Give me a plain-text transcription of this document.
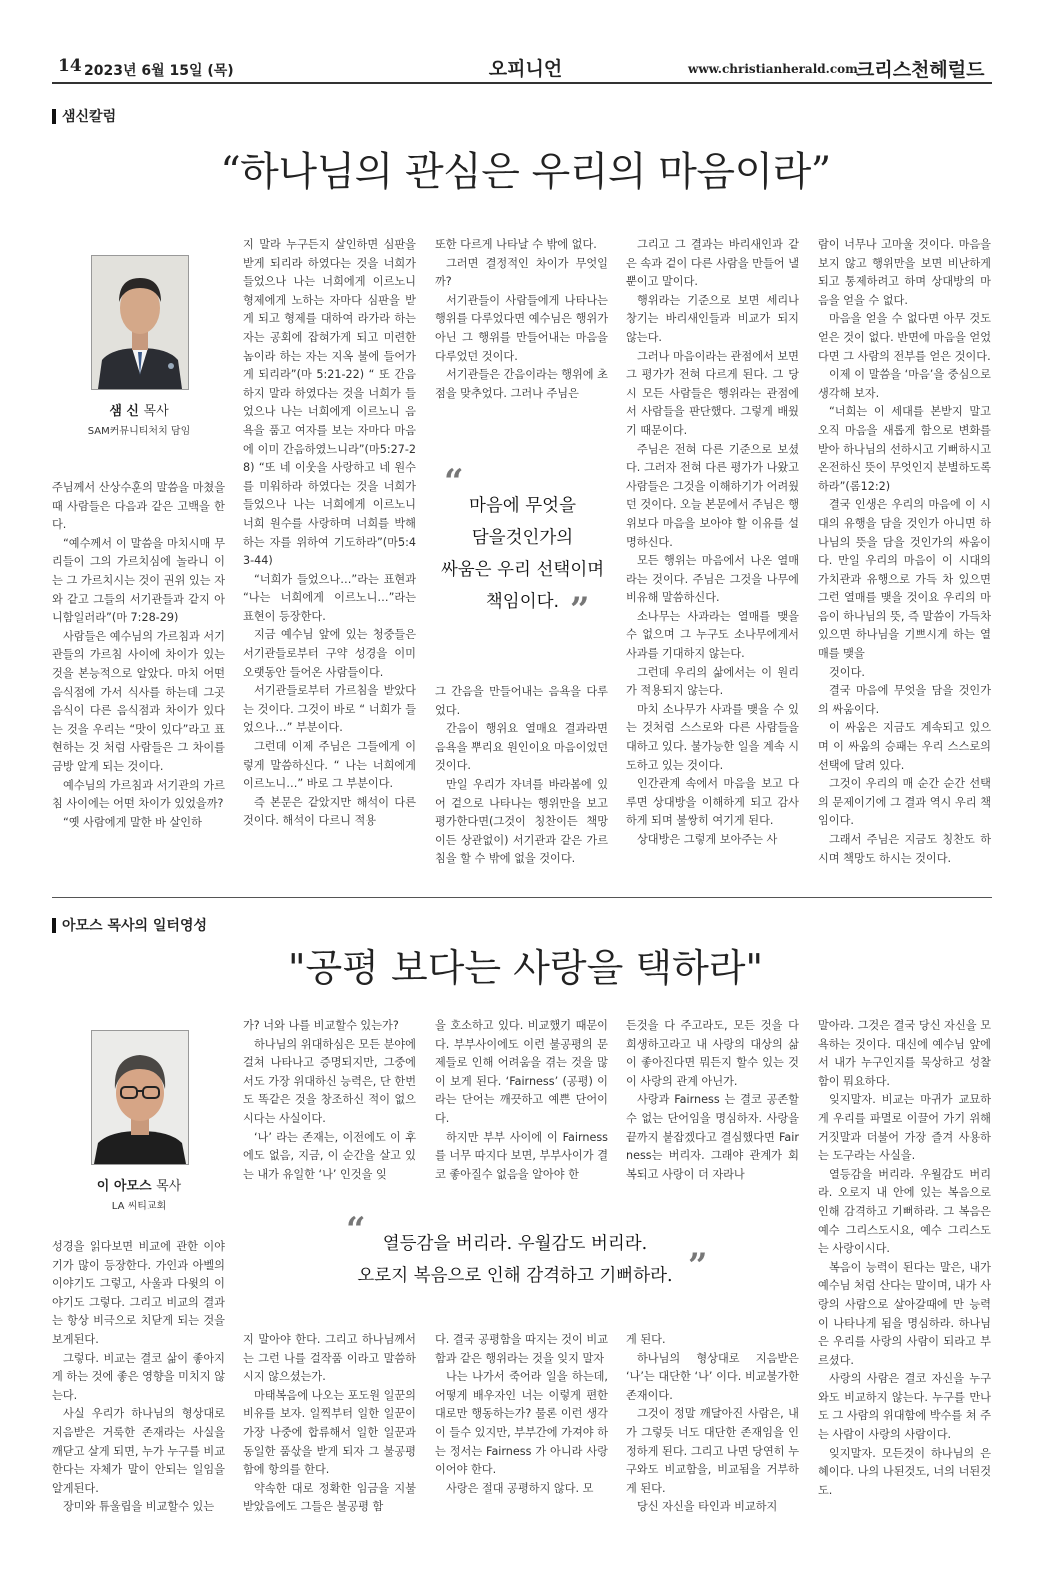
14 2023년 6월 15일 (목)	오피니언	www.christianherald.com
크리스천헤럴드
샘신칼럼
“하나님의 관심은 우리의 마음이라”
샘 신 목사
SAM커뮤니티처치 담임

주님께서 산상수훈의 말씀을 마쳤을 때 사람들은 다음과 같은 고백을 한다.

“예수께서 이 말씀을 마치시매 무리들이 그의 가르치심에 놀라니 이는 그 가르치시는 것이 권위 있는 자와 같고 그들의 서기관들과 같지 아니함일러라”(마 7:28-29)

사람들은 예수님의 가르침과 서기관들의 가르침 사이에 차이가 있는 것을 본능적으로 알았다. 마치 어떤 음식점에 가서 식사를 하는데 그곳 음식이 다른 음식점과 차이가 있다는 것을 우리는 “맛이 있다”라고 표현하는 것 처럼 사람들은 그 차이를 금방 알게 되는 것이다.

예수님의 가르침과 서기관의 가르침 사이에는 어떤 차이가 있었을까?

“옛 사람에게 말한 바 살인하

지 말라 누구든지 살인하면 심판을 받게 되리라 하였다는 것을 너희가 들었으나 나는 너희에게 이르노니 형제에게 노하는 자마다 심판을 받게 되고 형제를 대하여 라가라 하는 자는 공회에 잡혀가게 되고 미련한 놈이라 하는 자는 지옥 불에 들어가게 되리라”(마 5:21-22) “ 또 간음하지 말라 하였다는 것을 너희가 들었으나 나는 너희에게 이르노니 음욕을 품고 여자를 보는 자마다 마음에 이미 간음하였느니라”(마5:27-28) “또 네 이웃을 사랑하고 네 원수를 미워하라 하였다는 것을 너희가 들었으나 나는 너희에게 이르노니 너희 원수를 사랑하며 너희를 박해하는 자를 위하여 기도하라”(마5:43-44)

“너희가 들었으나…”라는 표현과 “나는 너희에게 이르노니…”라는 표현이 등장한다.

지금 예수님 앞에 있는 청중들은 서기관들로부터 구약 성경을 이미 오랫동안 들어온 사람들이다.

서기관들로부터 가르침을 받았다는 것이다. 그것이 바로 “ 너희가 들었으나…” 부분이다.

그런데 이제 주님은 그들에게 이렇게 말씀하신다. “ 나는 너희에게 이르노니…” 바로 그 부분이다.

즉 본문은 같았지만 해석이 다른 것이다. 해석이 다르니 적용

또한 다르게 나타날 수 밖에 없다.

그러면 결정적인 차이가 무엇일까?

서기관들이 사람들에게 나타나는 행위를 다루었다면 예수님은 행위가 아닌 그 행위를 만들어내는 마음을 다루었던 것이다.

서기관들은 간음이라는 행위에 초점을 맞추었다. 그러나 주님은

“
마음에 무엇을
담을것인가의
싸움은 우리 선택이며
책임이다. ”

그 간음을 만들어내는 음욕을 다루었다.

간음이 행위요 열매요 결과라면 음욕을 뿌리요 원인이요 마음이었던 것이다.

만일 우리가 자녀를 바라봄에 있어 겉으로 나타나는 행위만을 보고 평가한다면(그것이 칭찬이든 책망이든 상관없이) 서기관과 같은 가르침을 할 수 밖에 없을 것이다.

그리고 그 결과는 바리새인과 같은 속과 겉이 다른 사람을 만들어 낼 뿐이고 말이다.

행위라는 기준으로 보면 세리나 창기는 바리새인들과 비교가 되지 않는다.

그러나 마음이라는 관점에서 보면 그 평가가 전혀 다르게 된다. 그 당시 모든 사람들은 행위라는 관점에서 사람들을 판단했다. 그렇게 배웠기 때문이다.

주님은 전혀 다른 기준으로 보셨다. 그러자 전혀 다른 평가가 나왔고 사람들은 그것을 이해하기가 어려웠던 것이다. 오늘 본문에서 주님은 행위보다 마음을 보아야 할 이유를 설명하신다.

모든 행위는 마음에서 나온 열매라는 것이다. 주님은 그것을 나무에 비유해 말씀하신다.

소나무는 사과라는 열매를 맺을 수 없으며 그 누구도 소나무에게서 사과를 기대하지 않는다.

그런데 우리의 삶에서는 이 원리가 적용되지 않는다.

마치 소나무가 사과를 맺을 수 있는 것처럼 스스로와 다른 사람들을 대하고 있다. 불가능한 일을 계속 시도하고 있는 것이다.

인간관계 속에서 마음을 보고 다루면 상대방을 이해하게 되고 감사하게 되며 불쌍히 여기게 된다.

상대방은 그렇게 보아주는 사

람이 너무나 고마울 것이다. 마음을 보지 않고 행위만을 보면 비난하게 되고 통제하려고 하며 상대방의 마음을 얻을 수 없다.

마음을 얻을 수 없다면 아무 것도 얻은 것이 없다. 반면에 마음을 얻었다면 그 사람의 전부를 얻은 것이다.

이제 이 말씀을 ‘마음’을 중심으로 생각해 보자.

“너희는 이 세대를 본받지 말고 오직 마음을 새롭게 함으로 변화를 받아 하나님의 선하시고 기뻐하시고 온전하신 뜻이 무엇인지 분별하도록 하라”(롬12:2)

결국 인생은 우리의 마음에 이 시대의 유행을 담을 것인가 아니면 하나님의 뜻을 담을 것인가의 싸움이다. 만일 우리의 마음이 이 시대의 가치관과 유행으로 가득 차 있으면 그런 열매를 맺을 것이요 우리의 마음이 하나님의 뜻, 즉 말씀이 가득차 있으면 하나님을 기쁘시게 하는 열매를 맺을

것이다.

결국 마음에 무엇을 담을 것인가의 싸움이다.

이 싸움은 지금도 계속되고 있으며 이 싸움의 승패는 우리 스스로의 선택에 달려 있다.

그것이 우리의 매 순간 순간 선택의 문제이기에 그 결과 역시 우리 책임이다.

그래서 주님은 지금도 칭찬도 하시며 책망도 하시는 것이다.

아모스 목사의 일터영성
"공평 보다는 사랑을 택하라"
이 아모스 목사
LA 씨티교회

성경을 읽다보면 비교에 관한 이야기가 많이 등장한다. 가인과 아벨의 이야기도 그렇고, 사울과 다윗의 이야기도 그렇다. 그리고 비교의 결과는 항상 비극으로 치닫게 되는 것을 보게된다.

그렇다. 비교는 결코 삶이 좋아지게 하는 것에 좋은 영향을 미치지 않는다.

사실 우리가 하나님의 형상대로 지음받은 거룩한 존재라는 사실을 깨닫고 살게 되면, 누가 누구를 비교 한다는 자체가 말이 안되는 일임을 알게된다.

장미와 튜울립을 비교할수 있는

가? 너와 나를 비교할수 있는가?

하나님의 위대하심은 모든 분야에 걸쳐 나타나고 증명되지만, 그중에서도 가장 위대하신 능력은, 단 한번도 똑같은 것을 창조하신 적이 없으시다는 사실이다.

‘나’ 라는 존재는, 이전에도 이 후에도 없음, 지금, 이 순간을 살고 있는 내가 유일한 ‘나’ 인것을 잊

을 호소하고 있다. 비교했기 때문이다. 부부사이에도 이런 불공평의 문제들로 인해 어려움을 겪는 것을 많이 보게 된다. ‘Fairness’ (공평) 이라는 단어는 깨끗하고 예쁜 단어이다.

하지만 부부 사이에 이 Fairness를 너무 따지다 보면, 부부사이가 결코 좋아질수 없음을 알아야 한

든것을 다 주고라도, 모든 것을 다 희생하고라고 내 사랑의 대상의 삶이 좋아진다면 뭐든지 할수 있는 것이 사랑의 관계 아닌가.

사랑과 Fairness 는 결코 공존할수 없는 단어임을 명심하자. 사랑을 끝까지 붙잡겠다고 결심했다면 Fairness는 버리자. 그래야 관계가 회복되고 사랑이 더 자라나

“ 열등감을 버리라. 우월감도 버리라.
오로지 복음으로 인해 감격하고 기뻐하라. ”

지 말아야 한다. 그리고 하나님께서는 그런 나를 걸작품 이라고 말씀하시지 않으셨는가.

마태복음에 나오는 포도원 일꾼의 비유를 보자. 일찍부터 일한 일꾼이 가장 나중에 합류해서 일한 일꾼과 동일한 품삯을 받게 되자 그 불공평함에 항의를 한다.

약속한 대로 정확한 임금을 지불 받았음에도 그들은 불공평 함

다. 결국 공평함을 따지는 것이 비교함과 같은 행위라는 것을 잊지 말자

나는 나가서 죽어라 일을 하는데, 어떻게 배우자인 너는 이렇게 편한대로만 행동하는가? 물론 이런 생각이 들수 있지만, 부부간에 가져야 하는 정서는 Fairness 가 아니라 사랑 이어야 한다.

사랑은 절대 공평하지 않다. 모

게 된다.

하나님의 형상대로 지음받은 ‘나’는 대단한 ‘나’ 이다. 비교불가한 존재이다.

그것이 정말 깨달아진 사람은, 내가 그렇듯 너도 대단한 존재임을 인정하게 된다. 그리고 나면 당연히 누구와도 비교함을, 비교됨을 거부하게 된다.

당신 자신을 타인과 비교하지

말아라. 그것은 결국 당신 자신을 모욕하는 것이다. 대신에 예수님 앞에서 내가 누구인지를 묵상하고 성찰함이 뭐요하다.

잊지말자. 비교는 마귀가 교묘하게 우리를 파멸로 이끌어 가기 위해 거짓말과 더불어 가장 즐겨 사용하는 도구라는 사실을.

열등감을 버리라. 우월감도 버리라. 오로지 내 안에 있는 복음으로 인해 감격하고 기뻐하라. 그 복음은 예수 그리스도시요, 예수 그리스도는 사랑이시다.

복음이 능력이 된다는 말은, 내가 예수님 처럼 산다는 말이며, 내가 사랑의 사람으로 살아갈때에 만 능력이 나타나게 됨을 명심하라. 하나님은 우리를 사랑의 사람이 되라고 부르셨다.

사랑의 사람은 결코 자신을 누구와도 비교하지 않는다. 누구를 만나도 그 사람의 위대함에 박수를 쳐 주는 사람이 사랑의 사람이다.

잊지말자. 모든것이 하나님의 은혜이다. 나의 나된것도, 너의 너된것도.
